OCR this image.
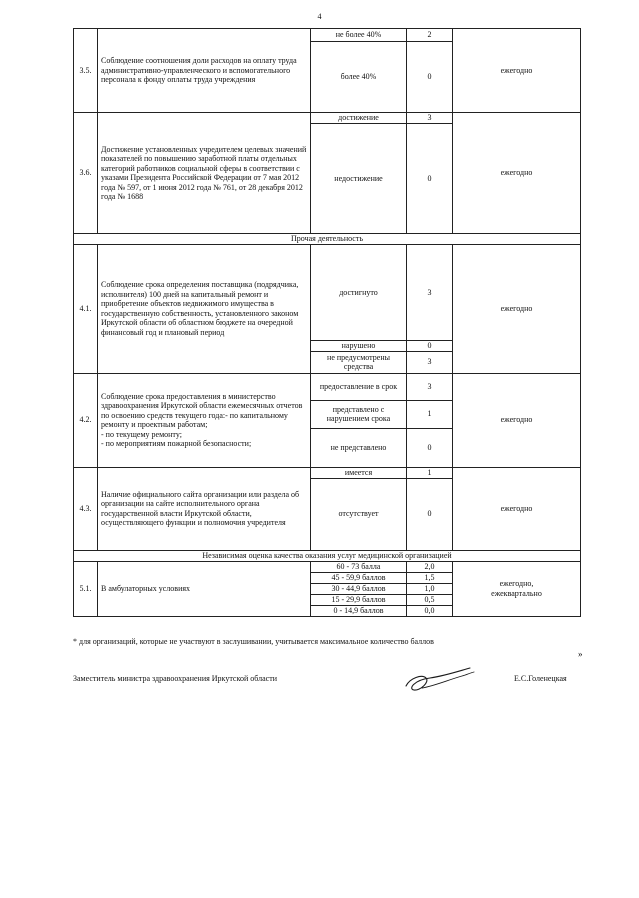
4
3.5.	Соблюдение соотношения доли расходов на оплату труда административно-управленческого и вспомогательного персонала к фонду оплаты труда учреждения	не более 40%	2	ежегодно
		более 40%	0	
3.6.	Достижение установленных учредителем целевых значений показателей по повышению заработной платы отдельных категорий работников социальной сферы в соответствии с указами Президента Российской Федерации от 7 мая 2012 года № 597, от 1 июня 2012 года № 761, от 28 декабря 2012 года № 1688	достижение	3	ежегодно
		недостижение	0	
Прочая деятельность				
4.1.	Соблюдение срока определения поставщика (подрядчика, исполнителя) 100 дней на капитальный ремонт и приобретение объектов недвижимого имущества в государственную собственность, установленного законом Иркутской области об областном бюджете на очередной финансовый год и плановый период	достигнуто	3	ежегодно
		нарушено	0	
		не предусмотрены средства	3	
4.2.	Соблюдение срока предоставления в министерство здравоохранения Иркутской области ежемесячных отчетов по освоению средств текущего года:- по капитальному ремонту и проектным работам;
- по текущему ремонту;
- по мероприятиям пожарной безопасности;	предоставление в срок	3	ежегодно
		представлено с нарушением срока	1	
		не представлено	0	
4.3.	Наличие официального сайта организации или раздела об организации на сайте исполнительного органа государственной власти Иркутской области, осуществляющего функции и полномочия учредителя	имеется	1	ежегодно
		отсутствует	0	
Независимая оценка качества оказания услуг медицинской организацией				
5.1.	В амбулаторных условиях	60 - 73 балла	2,0	ежегодно,
ежеквартально
		45 - 59,9 баллов	1,5	
		30 - 44,9 баллов	1,0	
		15 - 29,9 баллов	0,5	
		0 - 14,9 баллов	0,0	
* для организаций, которые не участвуют в заслушивании, учитывается максимальное количество баллов
»
Заместитель министра здравоохранения Иркутской области	Е.С.Голенецкая
